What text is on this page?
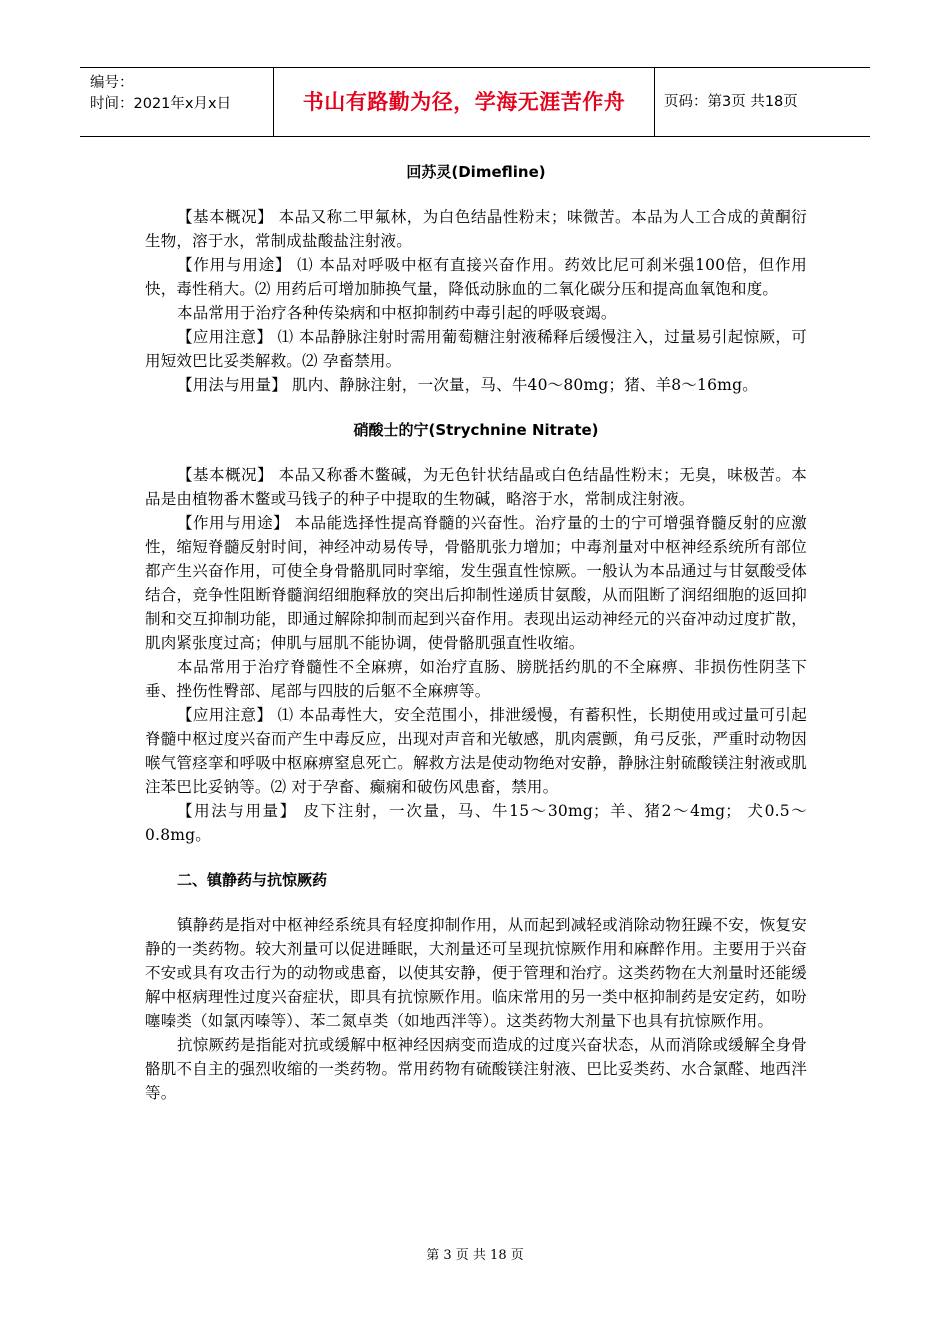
编号：
时间：2021年x月x日	书山有路勤为径，学海无涯苦作舟	页码：第3页 共18页
回苏灵(Dimefline)

【基本概况】 本品又称二甲氟林，为白色结晶性粉末；味微苦。本品为人工合成的黄酮衍生物，溶于水，常制成盐酸盐注射液。

【作用与用途】 ⑴ 本品对呼吸中枢有直接兴奋作用。药效比尼可刹米强100倍，但作用快，毒性稍大。⑵ 用药后可增加肺换气量，降低动脉血的二氧化碳分压和提高血氧饱和度。

本品常用于治疗各种传染病和中枢抑制药中毒引起的呼吸衰竭。

【应用注意】 ⑴ 本品静脉注射时需用葡萄糖注射液稀释后缓慢注入，过量易引起惊厥，可用短效巴比妥类解救。⑵ 孕畜禁用。

【用法与用量】 肌内、静脉注射，一次量，马、牛40～80mg；猪、羊8～16mg。

硝酸士的宁(Strychnine Nitrate)

【基本概况】 本品又称番木鳖碱，为无色针状结晶或白色结晶性粉末；无臭，味极苦。本品是由植物番木鳖或马钱子的种子中提取的生物碱，略溶于水，常制成注射液。

【作用与用途】 本品能选择性提高脊髓的兴奋性。治疗量的士的宁可增强脊髓反射的应激性，缩短脊髓反射时间，神经冲动易传导，骨骼肌张力增加；中毒剂量对中枢神经系统所有部位都产生兴奋作用，可使全身骨骼肌同时挛缩，发生强直性惊厥。一般认为本品通过与甘氨酸受体结合，竞争性阻断脊髓润绍细胞释放的突出后抑制性递质甘氨酸，从而阻断了润绍细胞的返回抑制和交互抑制功能，即通过解除抑制而起到兴奋作用。表现出运动神经元的兴奋冲动过度扩散，肌肉紧张度过高；伸肌与屈肌不能协调，使骨骼肌强直性收缩。

本品常用于治疗脊髓性不全麻痹，如治疗直肠、膀胱括约肌的不全麻痹、非损伤性阴茎下垂、挫伤性臀部、尾部与四肢的后躯不全麻痹等。

【应用注意】 ⑴ 本品毒性大，安全范围小，排泄缓慢，有蓄积性，长期使用或过量可引起脊髓中枢过度兴奋而产生中毒反应，出现对声音和光敏感，肌肉震颤，角弓反张，严重时动物因喉气管痉挛和呼吸中枢麻痹窒息死亡。解救方法是使动物绝对安静，静脉注射硫酸镁注射液或肌注苯巴比妥钠等。⑵ 对于孕畜、癫痫和破伤风患畜，禁用。

【用法与用量】 皮下注射，一次量，马、牛15～30mg；羊、猪2～4mg； 犬0.5～0.8mg。

二、镇静药与抗惊厥药

镇静药是指对中枢神经系统具有轻度抑制作用，从而起到减轻或消除动物狂躁不安，恢复安静的一类药物。较大剂量可以促进睡眠，大剂量还可呈现抗惊厥作用和麻醉作用。主要用于兴奋不安或具有攻击行为的动物或患畜，以使其安静，便于管理和治疗。这类药物在大剂量时还能缓解中枢病理性过度兴奋症状，即具有抗惊厥作用。临床常用的另一类中枢抑制药是安定药，如吩噻嗪类（如氯丙嗪等）、苯二氮卓类（如地西泮等）。这类药物大剂量下也具有抗惊厥作用。

抗惊厥药是指能对抗或缓解中枢神经因病变而造成的过度兴奋状态，从而消除或缓解全身骨骼肌不自主的强烈收缩的一类药物。常用药物有硫酸镁注射液、巴比妥类药、水合氯醛、地西泮等。

第 3 页 共 18 页
